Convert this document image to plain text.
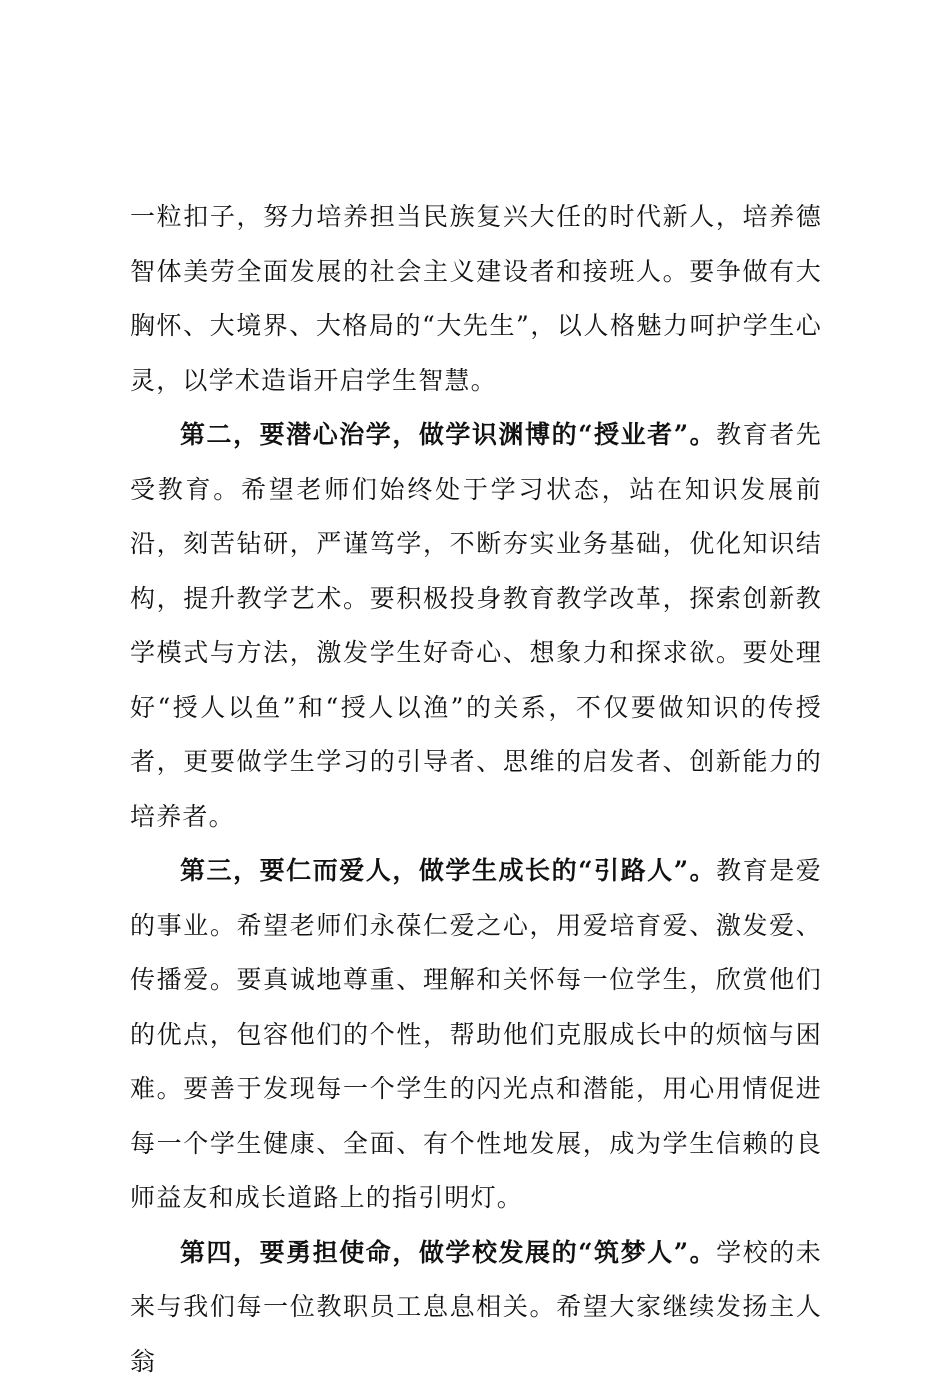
一粒扣子，努力培养担当民族复兴大任的时代新人，培养德智体美劳全面发展的社会主义建设者和接班人。要争做有大胸怀、大境界、大格局的“大先生”，以人格魅力呵护学生心灵，以学术造诣开启学生智慧。

第二，要潜心治学，做学识渊博的“授业者”。教育者先受教育。希望老师们始终处于学习状态，站在知识发展前沿，刻苦钻研，严谨笃学，不断夯实业务基础，优化知识结构，提升教学艺术。要积极投身教育教学改革，探索创新教学模式与方法，激发学生好奇心、想象力和探求欲。要处理好“授人以鱼”和“授人以渔”的关系，不仅要做知识的传授者，更要做学生学习的引导者、思维的启发者、创新能力的培养者。

第三，要仁而爱人，做学生成长的“引路人”。教育是爱的事业。希望老师们永葆仁爱之心，用爱培育爱、激发爱、传播爱。要真诚地尊重、理解和关怀每一位学生，欣赏他们的优点，包容他们的个性，帮助他们克服成长中的烦恼与困难。要善于发现每一个学生的闪光点和潜能，用心用情促进每一个学生健康、全面、有个性地发展，成为学生信赖的良师益友和成长道路上的指引明灯。

第四，要勇担使命，做学校发展的“筑梦人”。学校的未来与我们每一位教职员工息息相关。希望大家继续发扬主人翁
